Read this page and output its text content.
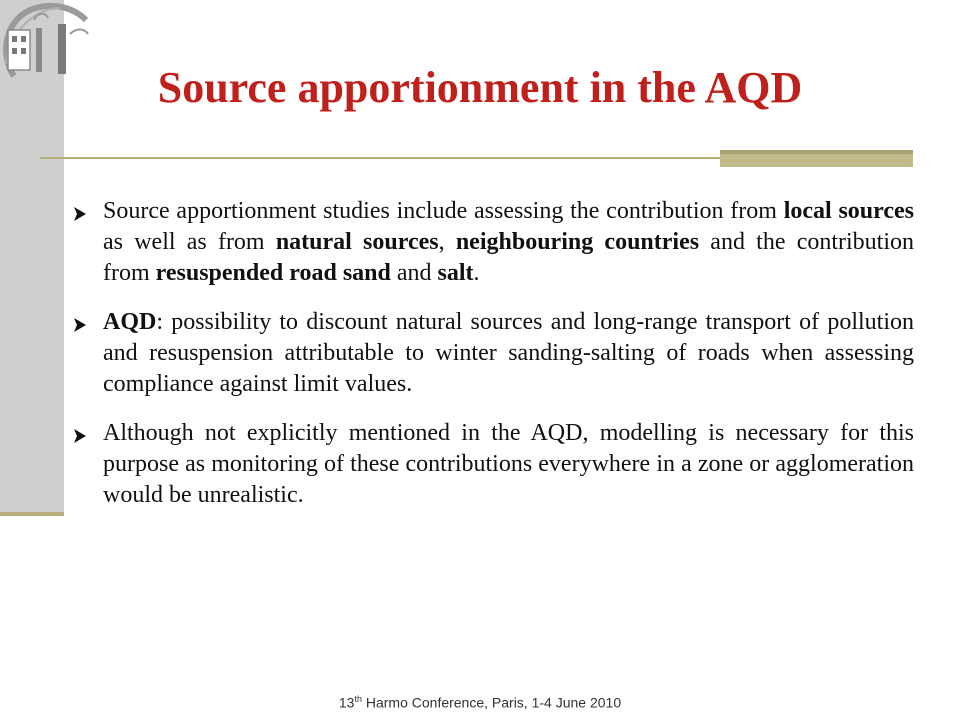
Source apportionment in the AQD
Source apportionment studies include assessing the contribution from local sources as well as from natural sources, neighbouring countries and the contribution from resuspended road sand and salt.
AQD: possibility to discount natural sources and long-range transport of pollution and resuspension attributable to winter sanding-salting of roads when assessing compliance against limit values.
Although not explicitly mentioned in the AQD, modelling is necessary for this purpose as monitoring of these contributions everywhere in a zone or agglomeration would be unrealistic.
13th Harmo Conference, Paris, 1-4 June 2010
